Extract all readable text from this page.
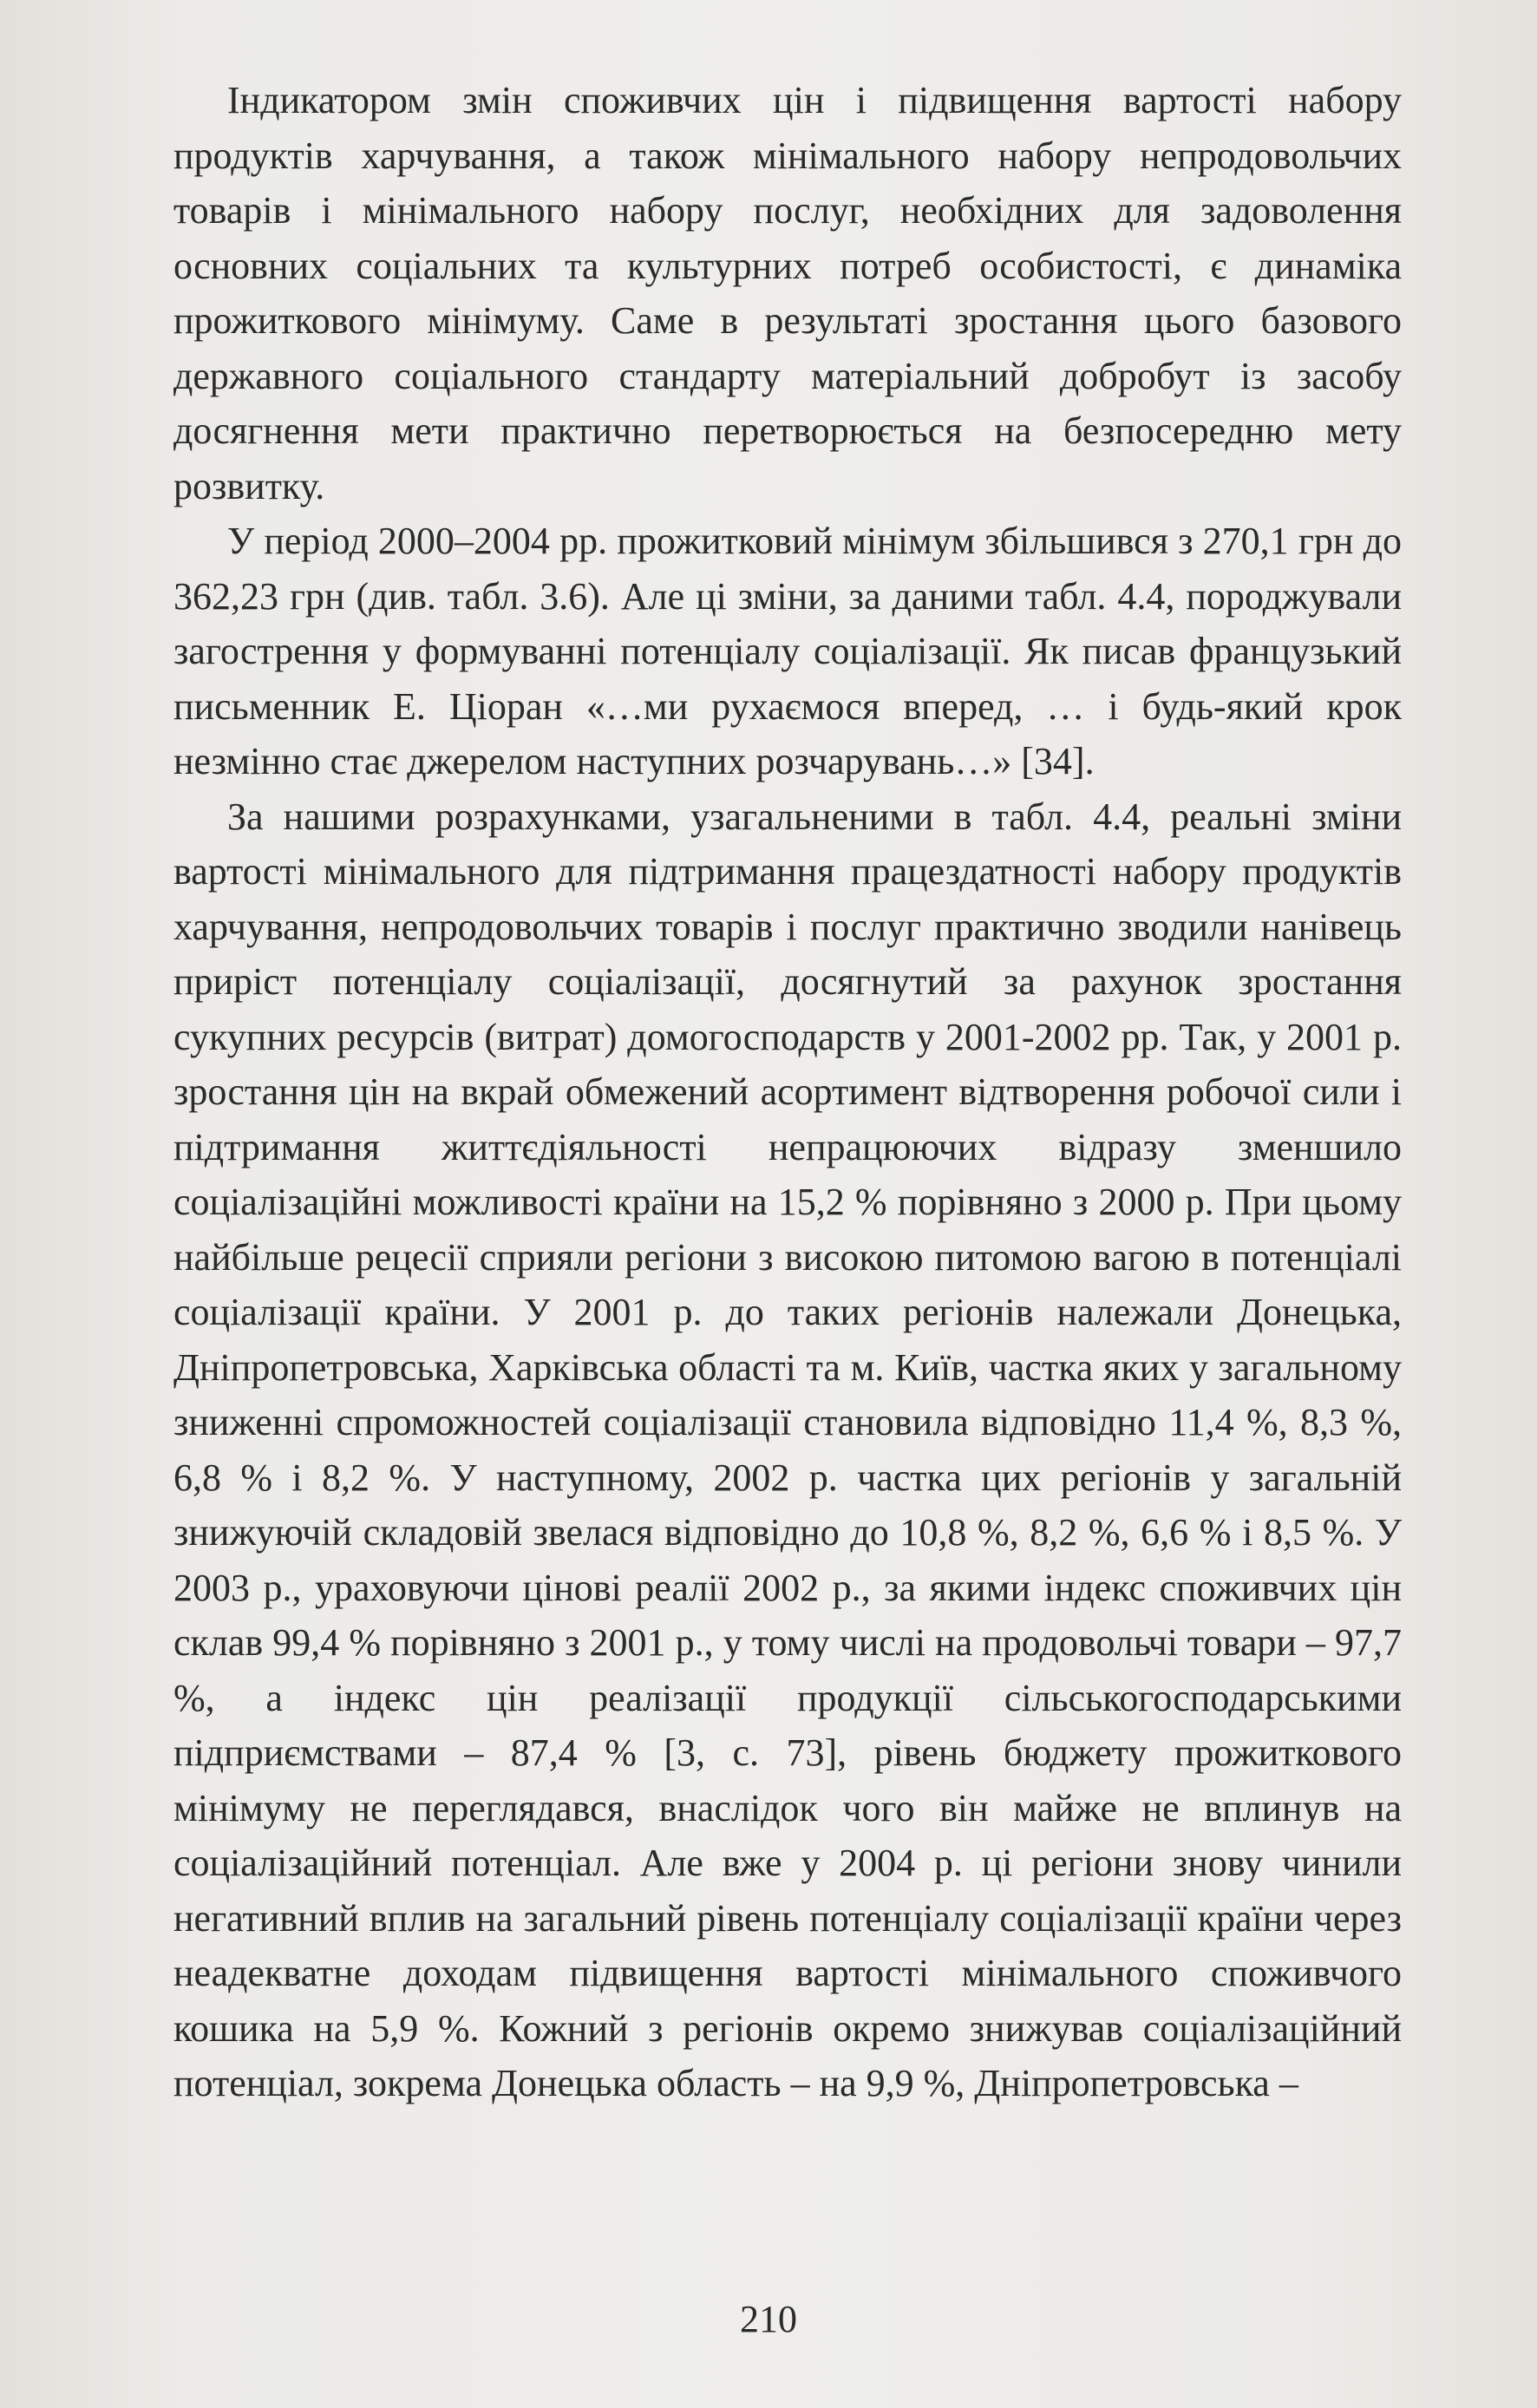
Індикатором змін споживчих цін і підвищення вартості набору продуктів харчування, а також мінімального набору непродовольчих товарів і мінімального набору послуг, необхідних для задоволення основних соціальних та культурних потреб особистості, є динаміка прожиткового мінімуму. Саме в результаті зростання цього базового державного соціального стандарту матеріальний добробут із засобу досягнення мети практично перетворюється на безпосередню мету розвитку.

У період 2000–2004 рр. прожитковий мінімум збільшився з 270,1 грн до 362,23 грн (див. табл. 3.6). Але ці зміни, за даними табл. 4.4, породжували загострення у формуванні потенціалу соціалізації. Як писав французький письменник Е. Ціоран «…ми рухаємося вперед, … і будь-який крок незмінно стає джерелом наступних розчарувань…» [34].

За нашими розрахунками, узагальненими в табл. 4.4, реальні зміни вартості мінімального для підтримання працездатності набору продуктів харчування, непродовольчих товарів і послуг практично зводили нанівець приріст потенціалу соціалізації, досягнутий за рахунок зростання сукупних ресурсів (витрат) домогосподарств у 2001-2002 рр. Так, у 2001 р. зростання цін на вкрай обмежений асортимент відтворення робочої сили і підтримання життєдіяльності непрацюючих відразу зменшило соціалізаційні можливості країни на 15,2 % порівняно з 2000 р. При цьому найбільше рецесії сприяли регіони з високою питомою вагою в потенціалі соціалізації країни. У 2001 р. до таких регіонів належали Донецька, Дніпропетровська, Харківська області та м. Київ, частка яких у загальному зниженні спроможностей соціалізації становила відповідно 11,4 %, 8,3 %, 6,8 % і 8,2 %. У наступному, 2002 р. частка цих регіонів у загальній знижуючій складовій звелася відповідно до 10,8 %, 8,2 %, 6,6 % і 8,5 %. У 2003 р., ураховуючи цінові реалії 2002 р., за якими індекс споживчих цін склав 99,4 % порівняно з 2001 р., у тому числі на продовольчі товари – 97,7 %, а індекс цін реалізації продукції сільськогосподарськими підприємствами – 87,4 % [3, с. 73], рівень бюджету прожиткового мінімуму не переглядався, внаслідок чого він майже не вплинув на соціалізаційний потенціал. Але вже у 2004 р. ці регіони знову чинили негативний вплив на загальний рівень потенціалу соціалізації країни через неадекватне доходам підвищення вартості мінімального споживчого кошика на 5,9 %. Кожний з регіонів окремо знижував соціалізаційний потенціал, зокрема Донецька область – на 9,9 %, Дніпропетровська –

210
